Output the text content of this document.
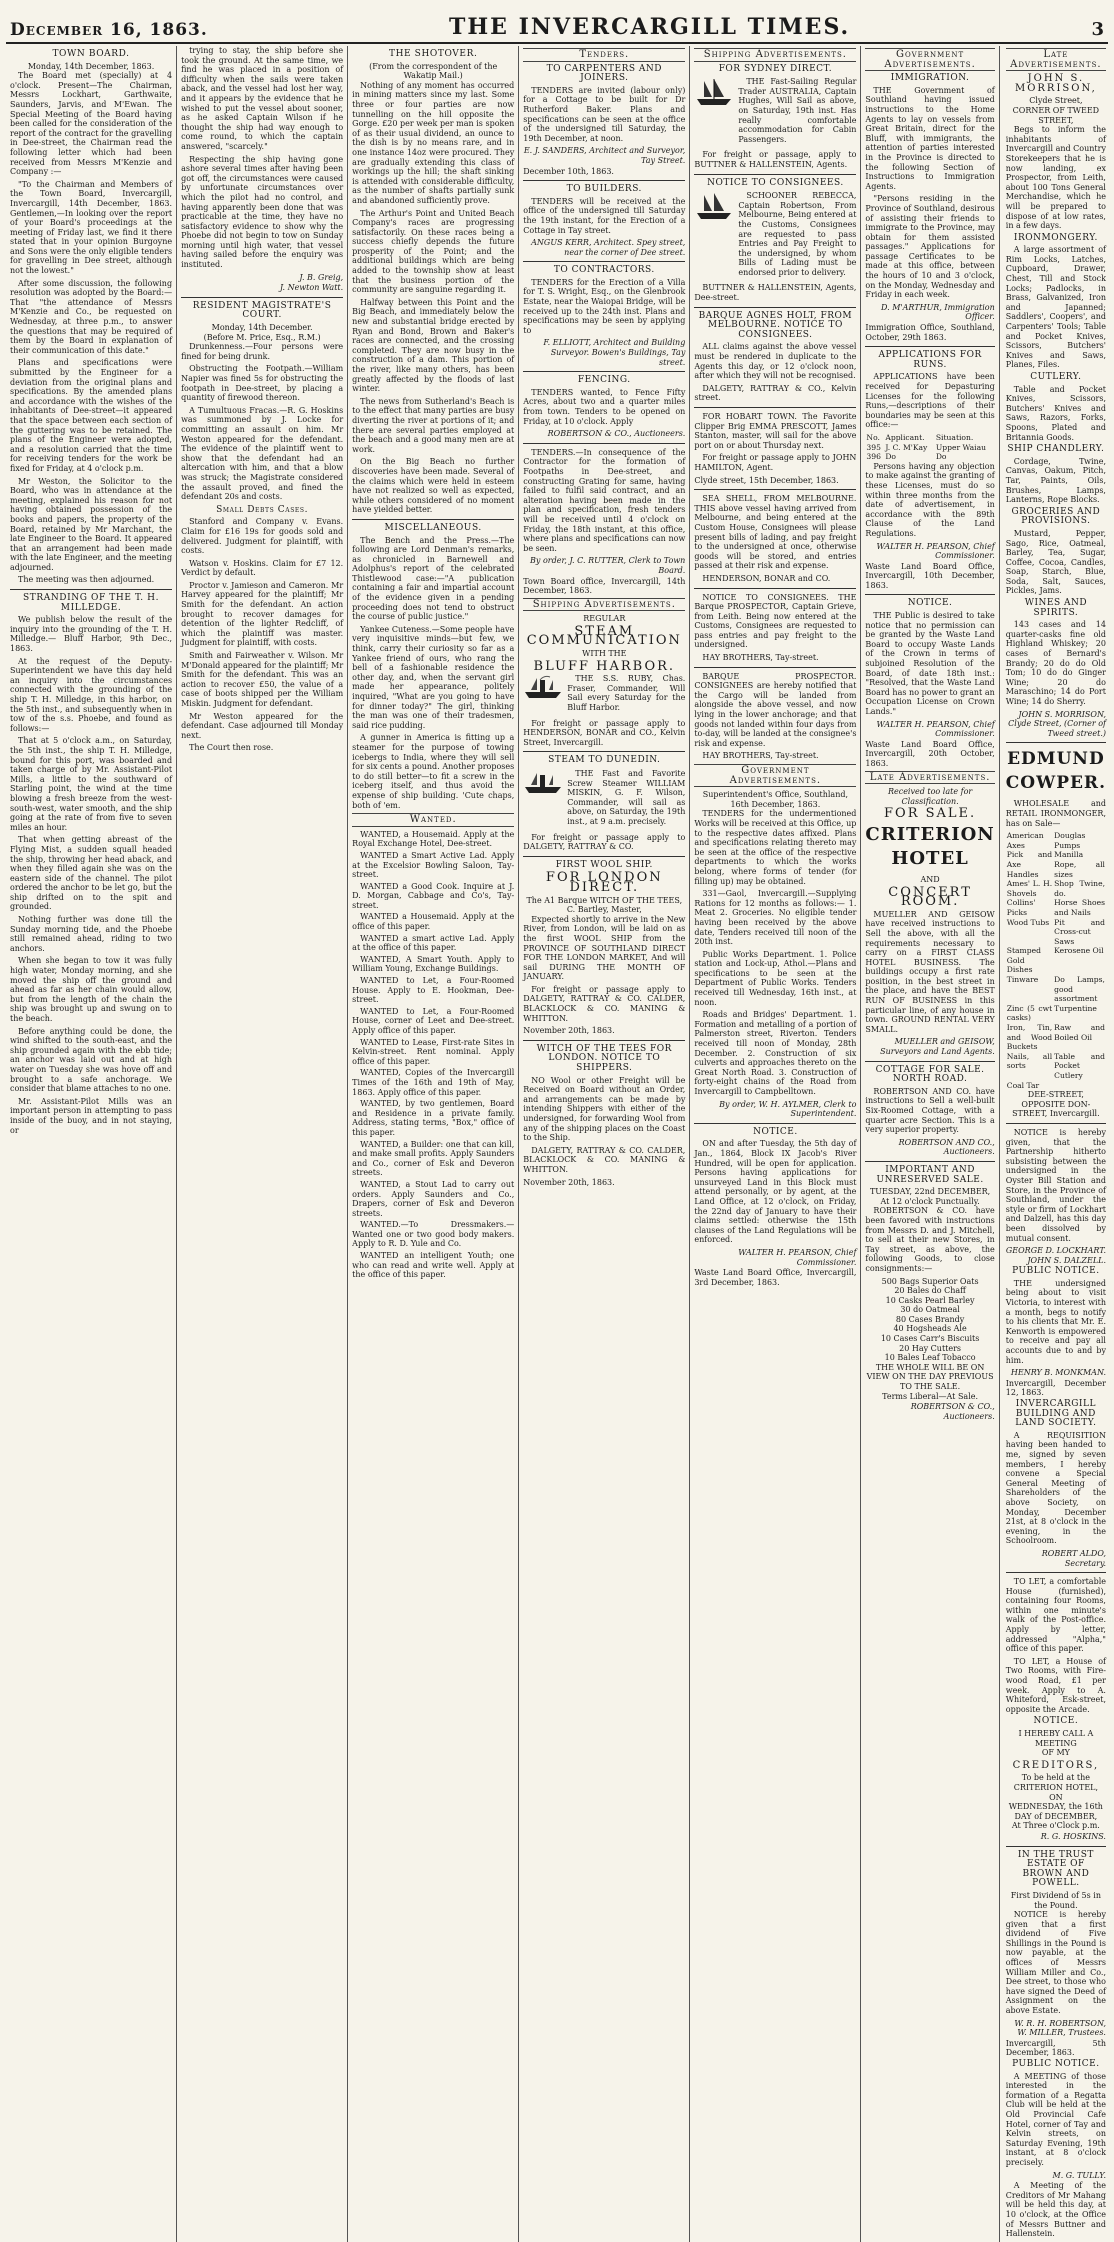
December 16, 1863.	THE INVERCARGILL TIMES.	3
TOWN BOARD.
Monday, 14th December, 1863.

The Board met (specially) at 4 o'clock. Present—The Chairman, Messrs Lockhart, Garthwaite, Saunders, Jarvis, and M'Ewan. The Special Meeting of the Board having been called for the consideration of the report of the contract for the gravelling in Dee-street, the Chairman read the following letter which had been received from Messrs M'Kenzie and Company :—

"To the Chairman and Members of the Town Board, Invercargill, Invercargill, 14th December, 1863. Gentlemen,—In looking over the report of your Board's proceedings at the meeting of Friday last, we find it there stated that in your opinion Burgoyne and Sons were the only eligible tenders for gravelling in Dee street, although not the lowest."

After some discussion, the following resolution was adopted by the Board:—That "the attendance of Messrs M'Kenzie and Co., be requested on Wednesday, at three p.m., to answer the questions that may be required of them by the Board in explanation of their communication of this date."

Plans and specifications were submitted by the Engineer for a deviation from the original plans and specifications. By the amended plans and accordance with the wishes of the inhabitants of Dee-street—it appeared that the space between each section of the guttering was to be retained. The plans of the Engineer were adopted, and a resolution carried that the time for receiving tenders for the work be fixed for Friday, at 4 o'clock p.m.

Mr Weston, the Solicitor to the Board, who was in attendance at the meeting, explained his reason for not having obtained possession of the books and papers, the property of the Board, retained by Mr Marchant, the late Engineer to the Board. It appeared that an arrangement had been made with the late Engineer, and the meeting adjourned.

The meeting was then adjourned.

STRANDING OF THE T. H. MILLEDGE.

We publish below the result of the inquiry into the grounding of the T. H. Milledge.— Bluff Harbor, 9th Dec., 1863.

At the request of the Deputy-Superintendent we have this day held an inquiry into the circumstances connected with the grounding of the ship T. H. Milledge, in this harbor, on the 5th inst., and subsequently when in tow of the s.s. Phoebe, and found as follows:—

That at 5 o'clock a.m., on Saturday, the 5th inst., the ship T. H. Milledge, bound for this port, was boarded and taken charge of by Mr. Assistant-Pilot Mills, a little to the southward of Starling point, the wind at the time blowing a fresh breeze from the west-south-west, water smooth, and the ship going at the rate of from five to seven miles an hour.

That when getting abreast of the Flying Mist, a sudden squall headed the ship, throwing her head aback, and when they filled again she was on the eastern side of the channel. The pilot ordered the anchor to be let go, but the ship drifted on to the spit and grounded.

Nothing further was done till the Sunday morning tide, and the Phoebe still remained ahead, riding to two anchors.

When she began to tow it was fully high water, Monday morning, and she moved the ship off the ground and ahead as far as her chain would allow, but from the length of the chain the ship was brought up and swung on to the beach.

Before anything could be done, the wind shifted to the south-east, and the ship grounded again with the ebb tide; an anchor was laid out and at high water on Tuesday she was hove off and brought to a safe anchorage. We consider that blame attaches to no one.

Mr. Assistant-Pilot Mills was an important person in attempting to pass inside of the buoy, and in not staying, or

trying to stay, the ship before she took the ground. At the same time, we find he was placed in a position of difficulty when the sails were taken aback, and the vessel had lost her way, and it appears by the evidence that he wished to put the vessel about sooner, as he asked Captain Wilson if he thought the ship had way enough to come round, to which the captain answered, "scarcely."

Respecting the ship having gone ashore several times after having been got off, the circumstances were caused by unfortunate circumstances over which the pilot had no control, and having apparently been done that was practicable at the time, they have no satisfactory evidence to show why the Phoebe did not begin to tow on Sunday morning until high water, that vessel having sailed before the enquiry was instituted.

J. B. Greig,
J. Newton Watt.
RESIDENT MAGISTRATE'S COURT.
Monday, 14th December.
(Before M. Price, Esq., R.M.)

Drunkenness.—Four persons were fined for being drunk.

Obstructing the Footpath.—William Napier was fined 5s for obstructing the footpath in Dee-street, by placing a quantity of firewood thereon.

A Tumultuous Fracas.—R. G. Hoskins was summoned by J. Locke for committing an assault on him. Mr Weston appeared for the defendant. The evidence of the plaintiff went to show that the defendant had an altercation with him, and that a blow was struck; the Magistrate considered the assault proved, and fined the defendant 20s and costs.

Small Debts Cases.

Stanford and Company v. Evans. Claim for £16 19s for goods sold and delivered. Judgment for plaintiff, with costs.

Watson v. Hoskins. Claim for £7 12. Verdict by default.

Proctor v. Jamieson and Cameron. Mr Harvey appeared for the plaintiff; Mr Smith for the defendant. An action brought to recover damages for detention of the lighter Redcliff, of which the plaintiff was master. Judgment for plaintiff, with costs.

Smith and Fairweather v. Wilson. Mr M'Donald appeared for the plaintiff; Mr Smith for the defendant. This was an action to recover £50, the value of a case of boots shipped per the William Miskin. Judgment for defendant.

Mr Weston appeared for the defendant. Case adjourned till Monday next.

The Court then rose.

THE SHOTOVER.
(From the correspondent of the Wakatip Mail.)

Nothing of any moment has occurred in mining matters since my last. Some three or four parties are now tunnelling on the hill opposite the Gorge. £20 per week per man is spoken of as their usual dividend, an ounce to the dish is by no means rare, and in one instance 14oz were procured. They are gradually extending this class of workings up the hill; the shaft sinking is attended with considerable difficulty, as the number of shafts partially sunk and abandoned sufficiently prove.

The Arthur's Point and United Beach Company's races are progressing satisfactorily. On these races being a success chiefly depends the future prosperity of the Point; and the additional buildings which are being added to the township show at least that the business portion of the community are sanguine regarding it.

Halfway between this Point and the Big Beach, and immediately below the new and substantial bridge erected by Ryan and Bond, Brown and Baker's races are connected, and the crossing completed. They are now busy in the construction of a dam. This portion of the river, like many others, has been greatly affected by the floods of last winter.

The news from Sutherland's Beach is to the effect that many parties are busy diverting the river at portions of it; and there are several parties employed at the beach and a good many men are at work.

On the Big Beach no further discoveries have been made. Several of the claims which were held in esteem have not realized so well as expected, while others considered of no moment have yielded better.

MISCELLANEOUS.

The Bench and the Press.—The following are Lord Denman's remarks, as chronicled in Barnewell and Adolphus's report of the celebrated Thistlewood case:—"A publication containing a fair and impartial account of the evidence given in a pending proceeding does not tend to obstruct the course of public justice."

Yankee Cuteness.—Some people have very inquisitive minds—but few, we think, carry their curiosity so far as a Yankee friend of ours, who rang the bell of a fashionable residence the other day, and, when the servant girl made her appearance, politely inquired, "What are you going to have for dinner today?" The girl, thinking the man was one of their tradesmen, said rice pudding.

A gunner in America is fitting up a steamer for the purpose of towing icebergs to India, where they will sell for six cents a pound. Another proposes to do still better—to fit a screw in the iceberg itself, and thus avoid the expense of ship building. 'Cute chaps, both of 'em.

Wanted.

WANTED, a Housemaid. Apply at the Royal Exchange Hotel, Dee-street.

WANTED a Smart Active Lad. Apply at the Excelsior Bowling Saloon, Tay-street.

WANTED a Good Cook. Inquire at J. D. Morgan, Cabbage and Co's, Tay-street.

WANTED a Housemaid. Apply at the office of this paper.

WANTED a smart active Lad. Apply at the office of this paper.

WANTED, A Smart Youth. Apply to William Young, Exchange Buildings.

WANTED to Let, a Four-Roomed House. Apply to E. Hookman, Dee-street.

WANTED to Let, a Four-Roomed House, corner of Leet and Dee-street. Apply office of this paper.

WANTED to Lease, First-rate Sites in Kelvin-street. Rent nominal. Apply office of this paper.

WANTED, Copies of the Invercargill Times of the 16th and 19th of May, 1863. Apply office of this paper.

WANTED, by two gentlemen, Board and Residence in a private family. Address, stating terms, "Box," office of this paper.

WANTED, a Builder: one that can kill, and make small profits. Apply Saunders and Co., corner of Esk and Deveron streets.

WANTED, a Stout Lad to carry out orders. Apply Saunders and Co., Drapers, corner of Esk and Deveron streets.

WANTED.—To Dressmakers.—Wanted one or two good body makers. Apply to R. D. Yule and Co.

WANTED an intelligent Youth; one who can read and write well. Apply at the office of this paper.

Tenders.
TO CARPENTERS AND JOINERS.

TENDERS are invited (labour only) for a Cottage to be built for Dr Rutherford Baker. Plans and specifications can be seen at the office of the undersigned till Saturday, the 19th December, at noon.

E. J. SANDERS, Architect and Surveyor, Tay Street.
December 10th, 1863.
TO BUILDERS.

TENDERS will be received at the office of the undersigned till Saturday the 19th instant, for the Erection of a Cottage in Tay street.

ANGUS KERR, Architect. Spey street, near the corner of Dee street.
TO CONTRACTORS.

TENDERS for the Erection of a Villa for T. S. Wright, Esq., on the Glenbrook Estate, near the Waiopai Bridge, will be received up to the 24th inst. Plans and specifications may be seen by applying to

F. ELLIOTT, Architect and Building Surveyor. Bowen's Buildings, Tay street.
FENCING.

TENDERS wanted, to Fence Fifty Acres, about two and a quarter miles from town. Tenders to be opened on Friday, at 10 o'clock. Apply

ROBERTSON & CO., Auctioneers.

TENDERS.—In consequence of the Contractor for the formation of Footpaths in Dee-street, and constructing Grating for same, having failed to fulfil said contract, and an alteration having been made in the plan and specification, fresh tenders will be received until 4 o'clock on Friday, the 18th instant, at this office, where plans and specifications can now be seen.

By order, J. C. RUTTER, Clerk to Town Board.
Town Board office, Invercargill, 14th December, 1863.
Shipping Advertisements.
REGULAR
STEAM COMMUNICATION
WITH THE
BLUFF HARBOR.

THE S.S. RUBY, Chas. Fraser, Commander, Will Sail every Saturday for the Bluff Harbor.

For freight or passage apply to HENDERSON, BONAR and CO., Kelvin Street, Invercargill.

STEAM TO DUNEDIN.

THE Fast and Favorite Screw Steamer WILLIAM MISKIN, G. F. Wilson, Commander, will sail as above, on Saturday, the 19th inst., at 9 a.m. precisely.

For freight or passage apply to DALGETY, RATTRAY & CO.

FIRST WOOL SHIP.
FOR LONDON DIRECT.
The A1 Barque WITCH OF THE TEES,
C. Bartley, Master,

Expected shortly to arrive in the New River, from London, will be laid on as the first WOOL SHIP from the PROVINCE OF SOUTHLAND DIRECT FOR THE LONDON MARKET, And will sail DURING THE MONTH OF JANUARY.

For freight or passage apply to DALGETY, RATTRAY & CO. CALDER, BLACKLOCK & CO. MANING & WHITTON.

November 20th, 1863.
WITCH OF THE TEES FOR LONDON. NOTICE TO SHIPPERS.

NO Wool or other Freight will be Received on Board without an Order, and arrangements can be made by intending Shippers with either of the undersigned, for forwarding Wool from any of the shipping places on the Coast to the Ship.

DALGETY, RATTRAY & CO. CALDER, BLACKLOCK & CO. MANING & WHITTON.

November 20th, 1863.
Shipping Advertisements.
FOR SYDNEY DIRECT.

THE Fast-Sailing Regular Trader AUSTRALIA, Captain Hughes, Will Sail as above, on Saturday, 19th inst. Has really comfortable accommodation for Cabin Passengers.

For freight or passage, apply to BUTTNER & HALLENSTEIN, Agents.

NOTICE TO CONSIGNEES.

SCHOONER REBECCA, Captain Robertson, From Melbourne, Being entered at the Customs, Consignees are requested to pass Entries and Pay Freight to the undersigned, by whom Bills of Lading must be endorsed prior to delivery.

BUTTNER & HALLENSTEIN, Agents, Dee-street.

BARQUE AGNES HOLT, FROM MELBOURNE. NOTICE TO CONSIGNEES.

ALL claims against the above vessel must be rendered in duplicate to the Agents this day, or 12 o'clock noon, after which they will not be recognised.

DALGETY, RATTRAY & CO., Kelvin street.

FOR HOBART TOWN. The Favorite Clipper Brig EMMA PRESCOTT, James Stanton, master, will sail for the above port on or about Thursday next.

For freight or passage apply to JOHN HAMILTON, Agent.

Clyde street, 15th December, 1863.

SEA SHELL, FROM MELBOURNE. THIS above vessel having arrived from Melbourne, and being entered at the Custom House, Consignees will please present bills of lading, and pay freight to the undersigned at once, otherwise goods will be stored, and entries passed at their risk and expense.

HENDERSON, BONAR and CO.

NOTICE TO CONSIGNEES. THE Barque PROSPECTOR, Captain Grieve, from Leith. Being now entered at the Customs, Consignees are requested to pass entries and pay freight to the undersigned.

HAY BROTHERS, Tay-street.

BARQUE PROSPECTOR. CONSIGNEES are hereby notified that the Cargo will be landed from alongside the above vessel, and now lying in the lower anchorage; and that goods not landed within four days from to-day, will be landed at the consignee's risk and expense.

HAY BROTHERS, Tay-street.

Government Advertisements.
Superintendent's Office, Southland, 16th December, 1863.

TENDERS for the undermentioned Works will be received at this Office, up to the respective dates affixed. Plans and specifications relating thereto may be seen at the office of the respective departments to which the works belong, where forms of tender (for filling up) may be obtained.

331—Gaol, Invercargill.—Supplying Rations for 12 months as follows:— 1. Meat 2. Groceries. No eligible tender having been received by the above date, Tenders received till noon of the 20th inst.

Public Works Department. 1. Police station and Lock-up, Athol.—Plans and specifications to be seen at the Department of Public Works. Tenders received till Wednesday, 16th inst., at noon.

Roads and Bridges' Department. 1. Formation and metalling of a portion of Palmerston street, Riverton. Tenders received till noon of Monday, 28th December. 2. Construction of six culverts and approaches thereto on the Great North Road. 3. Construction of forty-eight chains of the Road from Invercargill to Campbelltown.

By order, W. H. AYLMER, Clerk to Superintendent.
NOTICE.

ON and after Tuesday, the 5th day of Jan., 1864, Block IX Jacob's River Hundred, will be open for application. Persons having applications for unsurveyed Land in this Block must attend personally, or by agent, at the Land Office, at 12 o'clock, on Friday, the 22nd day of January to have their claims settled: otherwise the 15th clauses of the Land Regulations will be enforced.

WALTER H. PEARSON, Chief Commissioner.
Waste Land Board Office, Invercargill, 3rd December, 1863.
Government Advertisements.
IMMIGRATION.

THE Government of Southland having issued instructions to the Home Agents to lay on vessels from Great Britain, direct for the Bluff, with immigrants, the attention of parties interested in the Province is directed to the following Section of Instructions to Immigration Agents.

"Persons residing in the Province of Southland, desirous of assisting their friends to immigrate to the Province, may obtain for them assisted passages." Applications for passage Certificates to be made at this office, between the hours of 10 and 3 o'clock, on the Monday, Wednesday and Friday in each week.

D. M'ARTHUR, Immigration Officer.
Immigration Office, Southland, October, 29th 1863.
APPLICATIONS FOR RUNS.

APPLICATIONS have been received for Depasturing Licenses for the following Runs,—descriptions of their boundaries may be seen at this office:—

No.	Applicant.	Situation.
395	J. C. M'Kay	Upper Waiau
396	Do	Do

Persons having any objection to make against the granting of these Licenses, must do so within three months from the date of advertisement, in accordance with the 89th Clause of the Land Regulations.

WALTER H. PEARSON, Chief Commissioner.
Waste Land Board Office, Invercargill, 10th December, 1863.
NOTICE.

THE Public is desired to take notice that no permission can be granted by the Waste Land Board to occupy Waste Lands of the Crown in terms of subjoined Resolution of the Board, of date 18th inst.: "Resolved, that the Waste Land Board has no power to grant an Occupation License on Crown Lands."

WALTER H. PEARSON, Chief Commissioner.
Waste Land Board Office, Invercargill, 20th October, 1863.
Late Advertisements.
Received too late for Classification.
FOR SALE.
CRITERION HOTEL
AND
CONCERT ROOM.

MUELLER AND GEISOW have received instructions to Sell the above, with all the requirements necessary to carry on a FIRST CLASS HOTEL BUSINESS. The buildings occupy a first rate position, in the best street in the place, and have the BEST RUN OF BUSINESS in this particular line, of any house in town. GROUND RENTAL VERY SMALL.

MUELLER and GEISOW, Surveyors and Land Agents.
COTTAGE FOR SALE. NORTH ROAD.

ROBERTSON AND CO. have instructions to Sell a well-built Six-Roomed Cottage, with a quarter acre Section. This is a very superior property.

ROBERTSON AND CO., Auctioneers.
IMPORTANT AND UNRESERVED SALE.
TUESDAY, 22nd DECEMBER, At 12 o'clock Punctually.

ROBERTSON & CO. have been favored with instructions from Messrs D. and J. Mitchell, to sell at their new Stores, in Tay street, as above, the following Goods, to close consignments:—

500 Bags Superior Oats
20 Bales do Chaff
10 Casks Pearl Barley
30 do Oatmeal
80 Cases Brandy
40 Hogsheads Ale
10 Cases Carr's Biscuits
20 Hay Cutters
10 Bales Leaf Tobacco
THE WHOLE WILL BE ON VIEW ON THE DAY PREVIOUS TO THE SALE.
Terms Liberal—At Sale.
ROBERTSON & CO., Auctioneers.
Late Advertisements.
JOHN S. MORRISON,
Clyde Street,
CORNER OF TWEED STREET,

Begs to inform the inhabitants of Invercargill and Country Storekeepers that he is now landing, ex Prospector, from Leith, about 100 Tons General Merchandise, which he will be prepared to dispose of at low rates, in a few days.

IRONMONGERY.

A large assortment of Rim Locks, Latches, Cupboard, Drawer, Chest, Till and Stock Locks; Padlocks, in Brass, Galvanized, Iron and Japanned; Saddlers', Coopers', and Carpenters' Tools; Table and Pocket Knives, Scissors, Butchers' Knives and Saws, Planes, Files.

CUTLERY.

Table and Pocket Knives, Scissors, Butchers' Knives and Saws, Razors, Forks, Spoons, Plated and Britannia Goods.

SHIP CHANDLERY.

Cordage, Twine, Canvas, Oakum, Pitch, Tar, Paints, Oils, Brushes, Lamps, Lanterns, Rope Blocks.

GROCERIES AND PROVISIONS.

Mustard, Pepper, Sago, Rice, Oatmeal, Barley, Tea, Sugar, Coffee, Cocoa, Candles, Soap, Starch, Blue, Soda, Salt, Sauces, Pickles, Jams.

WINES AND SPIRITS.

143 cases and 14 quarter-casks fine old Highland Whiskey; 20 cases of Bernard's Brandy; 20 do do Old Tom; 10 do do Ginger Wine; 20 do Maraschino; 14 do Port Wine; 14 do Sherry.

JOHN S. MORRISON, Clyde Street, (Corner of Tweed street.)
EDMUND COWPER.

WHOLESALE and RETAIL IRONMONGER, has on Sale—

American Axes	Douglas Pumps
Pick and Axe Handles	Manilla Rope, all sizes
Ames' L. H. Shovels	Shop Twine, do.
Collins' Picks	Horse Shoes and Nails
Wood Tubs	Pit and Cross-cut Saws
Stamped Gold Dishes	Kerosene Oil
Tinware	Do Lamps, good assortment
Zinc (5 cwt casks)	Turpentine
Iron, Tin, and Wood Buckets	Raw and Boiled Oil
Nails, all sorts	Table and Pocket Cutlery
Coal Tar	
DEE-STREET, OPPOSITE DON-STREET, Invercargill.

NOTICE is hereby given, that the Partnership hitherto subsisting between the undersigned in the Oyster Bill Station and Store, in the Province of Southland, under the style or firm of Lockhart and Dalzell, has this day been dissolved by mutual consent.

GEORGE D. LOCKHART. JOHN S. DALZELL.
PUBLIC NOTICE.

THE undersigned being about to visit Victoria, to interest with a month, begs to notify to his clients that Mr. E. Kenworth is empowered to receive and pay all accounts due to and by him.

HENRY B. MONKMAN.
Invercargill, December 12, 1863.
INVERCARGILL BUILDING AND LAND SOCIETY.

A REQUISITION having been handed to me, signed by seven members, I hereby convene a Special General Meeting of Shareholders of the above Society, on Monday, December 21st, at 8 o'clock in the evening, in the Schoolroom.

ROBERT ALDO, Secretary.

TO LET, a comfortable House (furnished), containing four Rooms, within one minute's walk of the Post-office. Apply by letter, addressed "Alpha," office of this paper.

TO LET, a House of Two Rooms, with Fire-wood Road, £1 per week. Apply to A. Whiteford, Esk-street, opposite the Arcade.

NOTICE.
I HEREBY CALL A MEETING
OF MY
CREDITORS,
To be held at the
CRITERION HOTEL,
ON
WEDNESDAY, the 16th DAY of DECEMBER,
At Three o'Clock p.m.
R. G. HOSKINS.
IN THE TRUST ESTATE OF BROWN AND POWELL.
First Dividend of 5s in the Pound.

NOTICE is hereby given that a first dividend of Five Shillings in the Pound is now payable, at the offices of Messrs William Miller and Co., Dee street, to those who have signed the Deed of Assignment on the above Estate.

W. R. H. ROBERTSON, W. MILLER, Trustees.
Invercargill, 5th December, 1863.
PUBLIC NOTICE.

A MEETING of those interested in the formation of a Regatta Club will be held at the Old Provincial Cafe Hotel, corner of Tay and Kelvin streets, on Saturday Evening, 19th instant, at 8 o'clock precisely.

M. G. TULLY.

A Meeting of the Creditors of Mr Mahang will be held this day, at 10 o'clock, at the Office of Messrs Buttner and Hallenstein.
